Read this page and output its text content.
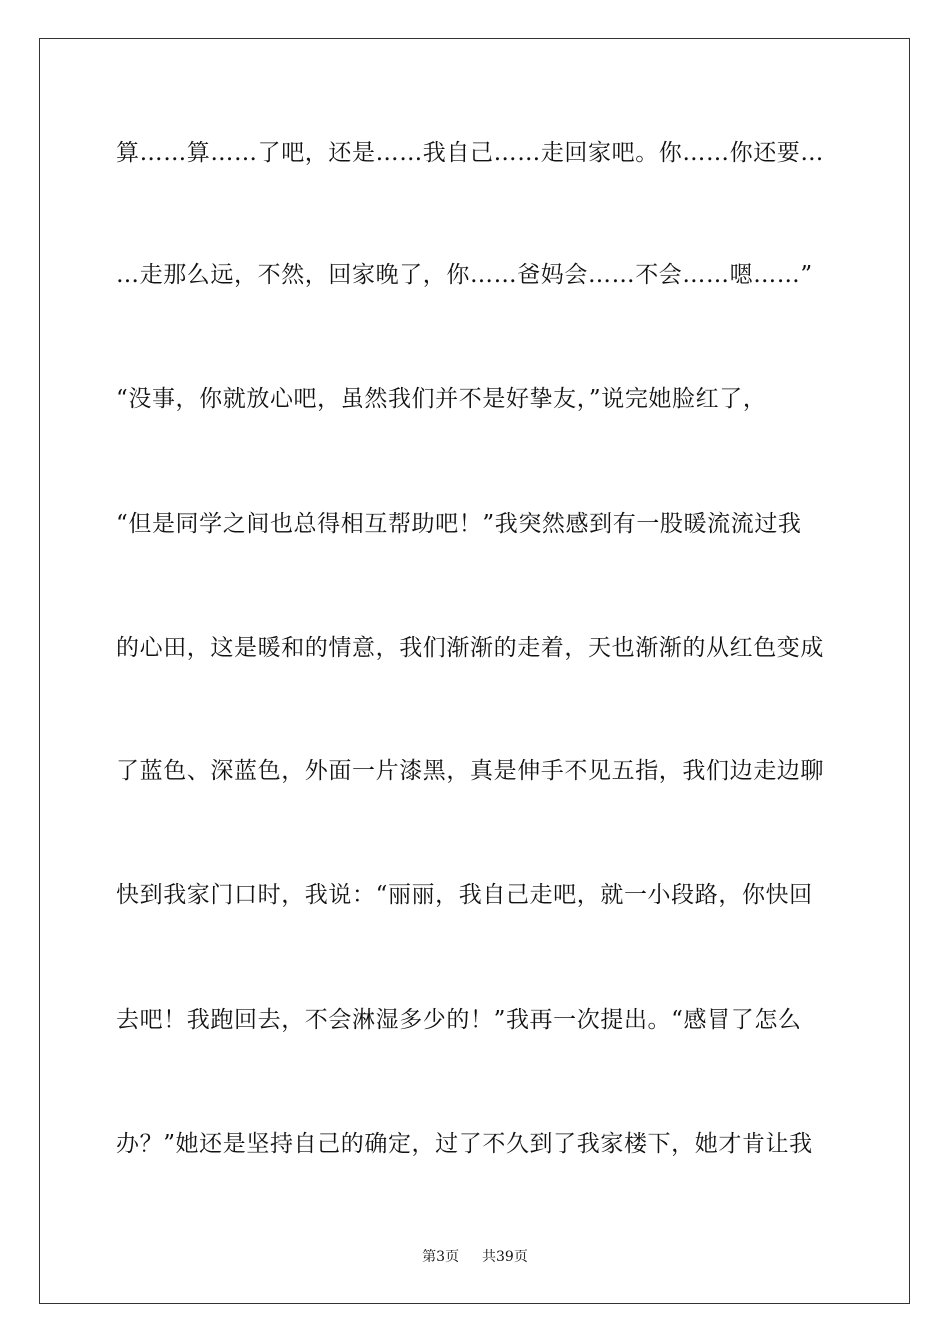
算……算……了吧，还是……我自己……走回家吧。你……你还要…
…走那么远，不然，回家晚了，你……爸妈会……不会……嗯……”
“没事，你就放心吧，虽然我们并不是好挚友，”说完她脸红了，
“但是同学之间也总得相互帮助吧！”我突然感到有一股暖流流过我
的心田，这是暖和的情意，我们渐渐的走着，天也渐渐的从红色变成
了蓝色、深蓝色，外面一片漆黑，真是伸手不见五指，我们边走边聊
快到我家门口时，我说：“丽丽，我自己走吧，就一小段路，你快回
去吧！我跑回去，不会淋湿多少的！”我再一次提出。“感冒了怎么
办？”她还是坚持自己的确定，过了不久到了我家楼下，她才肯让我
第3页 共39页
